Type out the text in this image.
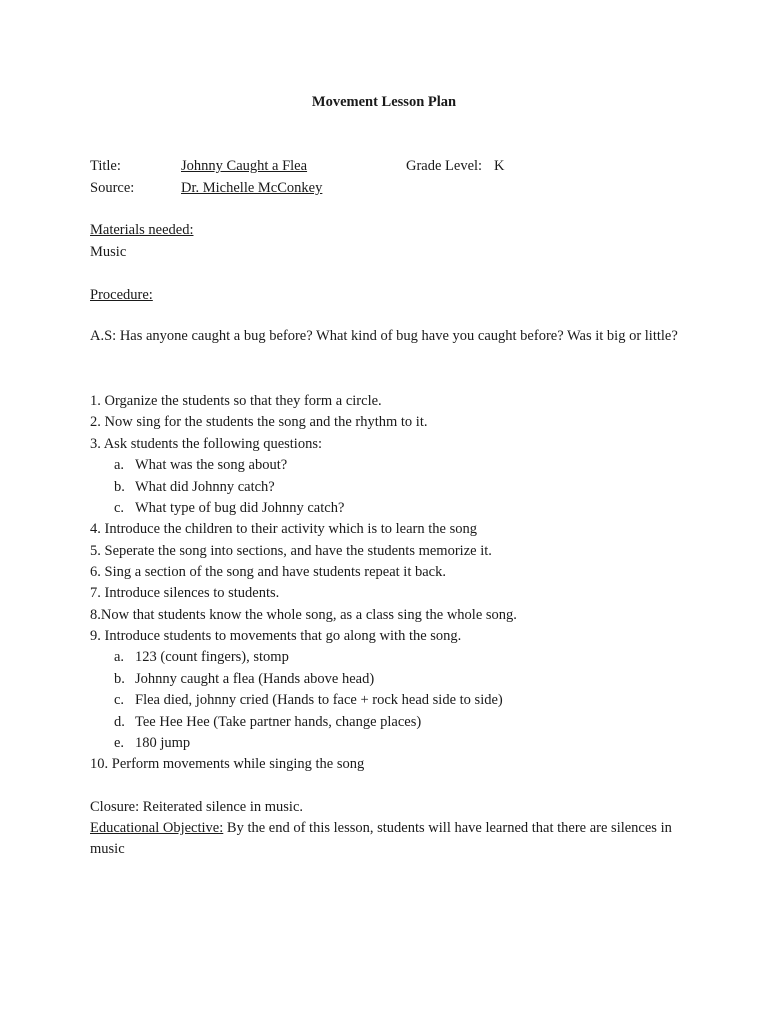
Movement Lesson Plan
Title:	Johnny Caught a Flea	Grade Level: K
Source:	Dr. Michelle McConkey
Materials needed:
Music
Procedure:
A.S: Has anyone caught a bug before? What kind of bug have you caught before? Was it big or little?
1. Organize the students so that they form a circle.
2. Now sing for the students the song and the rhythm to it.
3. Ask students the following questions:
a. What was the song about?
b. What did Johnny catch?
c. What type of bug did Johnny catch?
4. Introduce the children to their activity which is to learn the song
5. Seperate the song into sections, and have the students memorize it.
6. Sing a section of the song and have students repeat it back.
7. Introduce silences to students.
8.Now that students know the whole song, as a class sing the whole song.
9. Introduce students to movements that go along with the song.
a. 123 (count fingers), stomp
b. Johnny caught a flea (Hands above head)
c. Flea died, johnny cried (Hands to face + rock head side to side)
d. Tee Hee Hee (Take partner hands, change places)
e. 180 jump
10. Perform movements while singing the song
Closure: Reiterated silence in music.
Educational Objective: By the end of this lesson, students will have learned that there are silences in music
